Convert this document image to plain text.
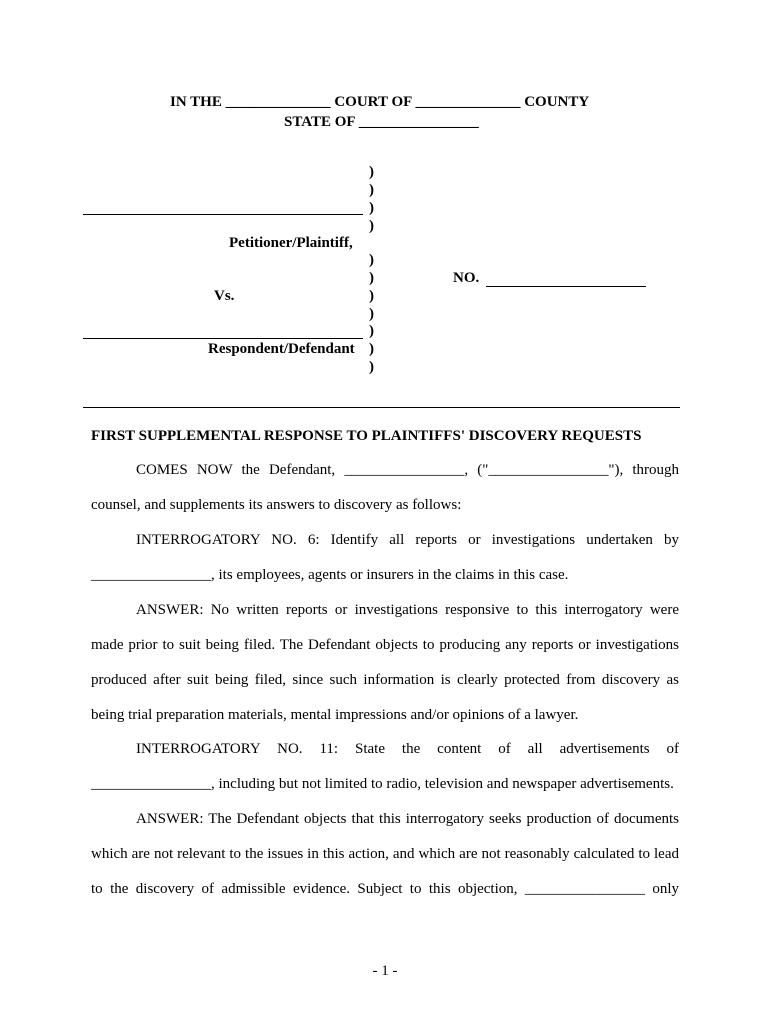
IN THE ______________ COURT OF ______________ COUNTY
STATE OF ________________
Petitioner/Plaintiff,
Vs.
Respondent/Defendant
)
)
)
)
)
)
)
)
)
)
)
NO.
FIRST SUPPLEMENTAL RESPONSE TO PLAINTIFFS' DISCOVERY REQUESTS

COMES NOW the Defendant, ________________, ("________________"), through

counsel, and supplements its answers to discovery as follows:

INTERROGATORY NO. 6: Identify all reports or investigations undertaken by

________________, its employees, agents or insurers in the claims in this case.

ANSWER: No written reports or investigations responsive to this interrogatory were made prior to suit being filed. The Defendant objects to producing any reports or investigations produced after suit being filed, since such information is clearly protected from discovery as being trial preparation materials, mental impressions and/or opinions of a lawyer.

INTERROGATORY NO. 11: State the content of all advertisements of

________________, including but not limited to radio, television and newspaper advertisements.

ANSWER: The Defendant objects that this interrogatory seeks production of documents which are not relevant to the issues in this action, and which are not reasonably calculated to lead to the discovery of admissible evidence. Subject to this objection, ________________ only

- 1 -
